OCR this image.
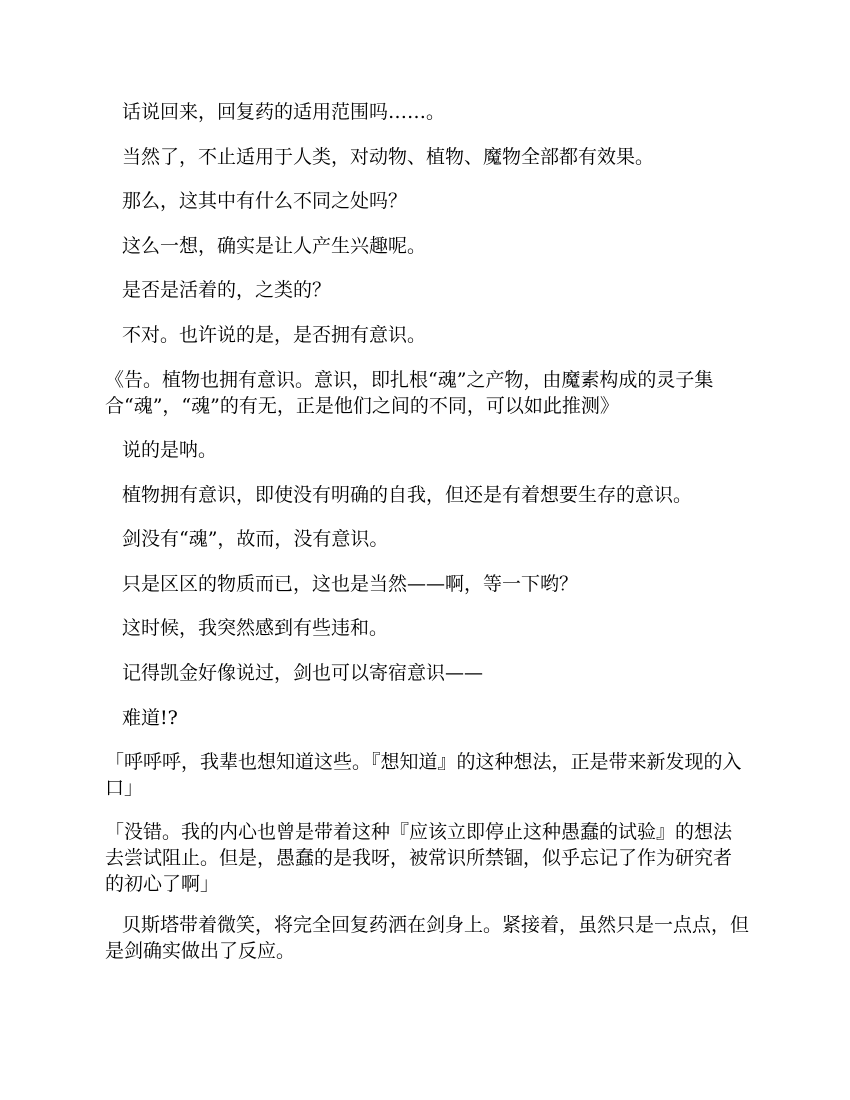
话说回来，回复药的适用范围吗……。

当然了，不止适用于人类，对动物、植物、魔物全部都有效果。

那么，这其中有什么不同之处吗？

这么一想，确实是让人产生兴趣呢。

是否是活着的，之类的？

不对。也许说的是，是否拥有意识。

《告。植物也拥有意识。意识，即扎根“魂”之产物，由魔素构成的灵子集合“魂”，“魂”的有无，正是他们之间的不同，可以如此推测》

说的是呐。

植物拥有意识，即使没有明确的自我，但还是有着想要生存的意识。

剑没有“魂”，故而，没有意识。

只是区区的物质而已，这也是当然——啊，等一下哟？

这时候，我突然感到有些违和。

记得凯金好像说过，剑也可以寄宿意识——

难道!?

「呼呼呼，我辈也想知道这些。『想知道』的这种想法，正是带来新发现的入口」

「没错。我的内心也曾是带着这种『应该立即停止这种愚蠢的试验』的想法去尝试阻止。但是，愚蠢的是我呀，被常识所禁锢，似乎忘记了作为研究者的初心了啊」

贝斯塔带着微笑，将完全回复药洒在剑身上。紧接着，虽然只是一点点，但是剑确实做出了反应。
